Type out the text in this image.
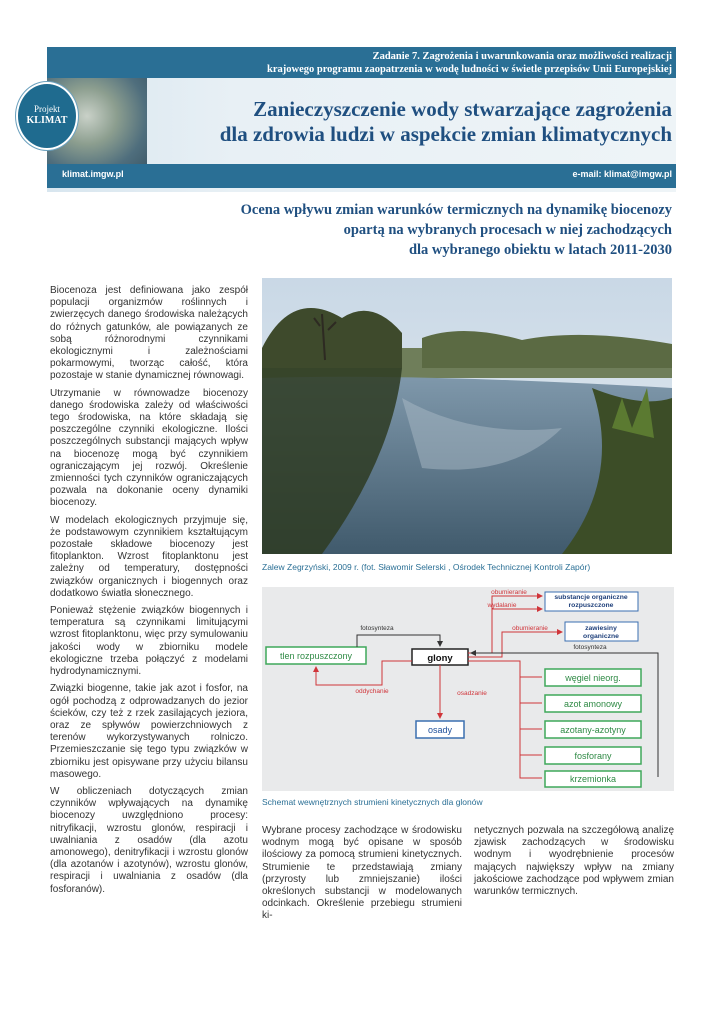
Zadanie 7. Zagrożenia i uwarunkowania oraz możliwości realizacji
krajowego programu zaopatrzenia w wodę ludności w świetle przepisów Unii Europejskiej
Projekt
KLIMAT	Zanieczyszczenie wody stwarzające zagrożenia
dla zdrowia ludzi w aspekcie zmian klimatycznych
klimat.imgw.pl	e-mail: klimat@imgw.pl
Ocena wpływu zmian warunków termicznych na dynamikę biocenozy
opartą na wybranych procesach w niej zachodzących
dla wybranego obiektu w latach 2011-2030

Biocenoza jest definiowana jako zespół populacji organizmów roślinnych i zwierzęcych danego środowiska należących do różnych gatunków, ale powiązanych ze sobą różnorodnymi czynnikami ekologicznymi i zależnościami pokarmowymi, tworząc całość, która pozostaje w stanie dynamicznej równowagi.

Utrzymanie w równowadze biocenozy danego środowiska zależy od właściwości tego środowiska, na które składają się poszczególne czynniki ekologiczne. Ilości poszczególnych substancji mających wpływ na biocenozę mogą być czynnikiem ograniczającym jej rozwój. Określenie zmienności tych czynników ograniczających pozwala na dokonanie oceny dynamiki biocenozy.

W modelach ekologicznych przyjmuje się, że podstawowym czynnikiem kształtującym pozostałe składowe biocenozy jest fitoplankton. Wzrost fitoplanktonu jest zależny od temperatury, dostępności związków organicznych i biogennych oraz dodatkowo światła słonecznego.

Ponieważ stężenie związków biogennych i temperatura są czynnikami limitującymi wzrost fitoplanktonu, więc przy symulowaniu jakości wody w zbiorniku modele ekologiczne trzeba połączyć z modelami hydrodynamicznymi.

Związki biogenne, takie jak azot i fosfor, na ogół pochodzą z odprowadzanych do jezior ścieków, czy też z rzek zasilających jeziora, oraz ze spływów powierzchniowych z terenów wykorzystywanych rolniczo. Przemieszczanie się tego typu związków w zbiorniku jest opisywane przy użyciu bilansu masowego.

W obliczeniach dotyczących zmian czynników wpływających na dynamikę biocenozy uwzględniono procesy: nitryfikacji, wzrostu glonów, respiracji i uwalniania z osadów (dla azotu amonowego), denitryfikacji i wzrostu glonów (dla azotanów i azotynów), wzrostu glonów, respiracji i uwalniania z osadów (dla fosforanów).

Zalew Zegrzyński, 2009 r. (fot. Sławomir Selerski , Ośrodek Technicznej Kontroli Zapór)
substancje organiczne
rozpuszczone
zawiesiny
organiczne
tlen rozpuszczony	glony
osady
węgiel nieorg.
azot amonowy
azotany-azotyny
fosforany
krzemionka
obumieranie
wydalanie
obumieranie
fotosynteza
fotosynteza
oddychanie	osadzanie
Schemat wewnętrznych strumieni kinetycznych dla glonów

Wybrane procesy zachodzące w środowisku wodnym mogą być opisane w sposób ilościowy za pomocą strumieni kinetycznych. Strumienie te przedstawiają zmiany (przyrosty lub zmniejszanie) ilości określonych substancji w modelowanych odcinkach. Określenie przebiegu strumieni ki-

netycznych pozwala na szczegółową analizę zjawisk zachodzących w środowisku wodnym i wyodrębnienie procesów mających największy wpływ na zmiany jakościowe zachodzące pod wpływem zmian warunków termicznych.
